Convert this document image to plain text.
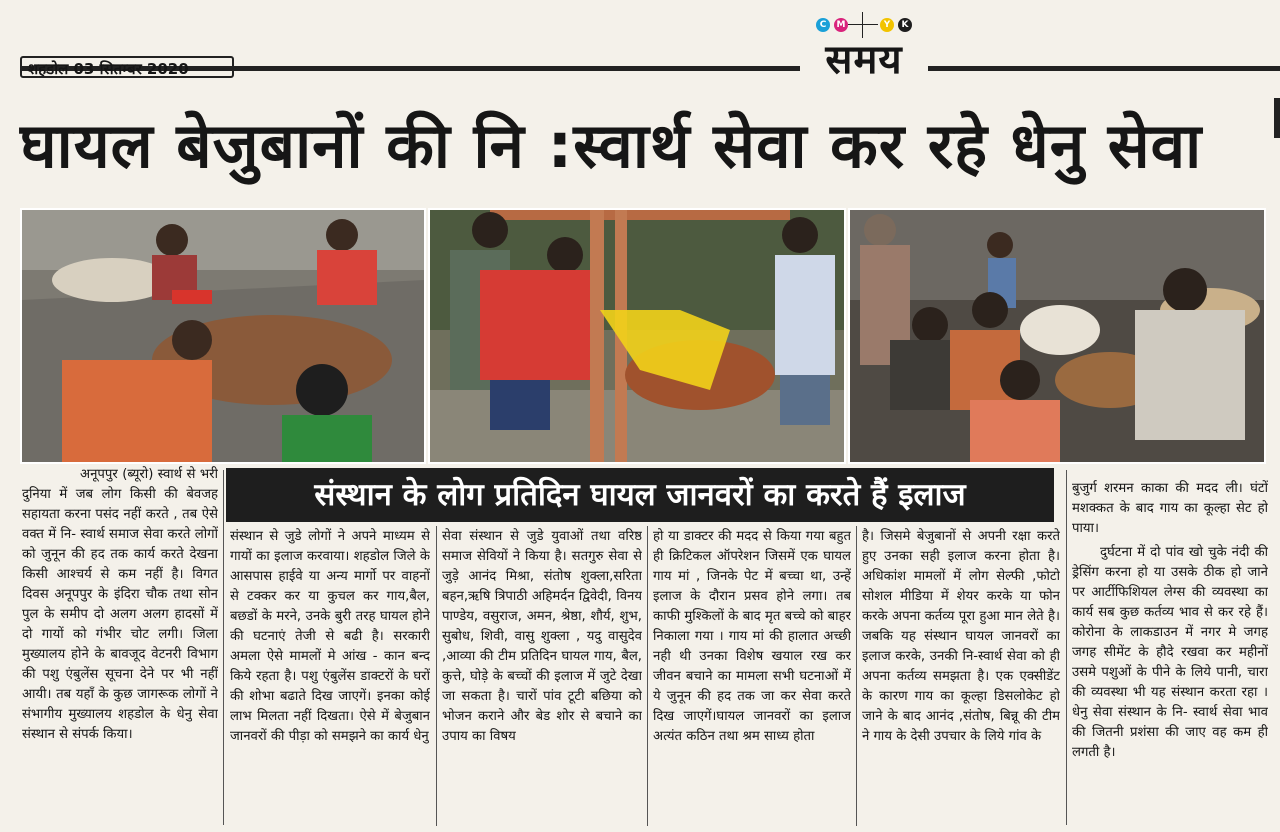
शहडोल 03 सितम्बर 2020
C	M	Y	K
समय
घायल बेजुबानों की नि :स्वार्थ सेवा कर रहे धेनु सेवा
संस्थान के लोग प्रतिदिन घायल जानवरों का करते हैं इलाज

अनूपपुर (ब्यूरो) स्वार्थ से भरी दुनिया में जब लोग किसी की बेवजह सहायता करना पसंद नहीं करते , तब ऐसे वक्त में नि- स्वार्थ समाज सेवा करते लोगों को जुनून की हद तक कार्य करते देखना किसी आश्चर्य से कम नहीं है। विगत दिवस अनूपपुर के इंदिरा चौक तथा सोन पुल के समीप दो अलग अलग हादसों में दो गायों को गंभीर चोट लगी। जिला मुख्यालय होने के बावजूद वेटनरी विभाग की पशु एंबुलेंस सूचना देने पर भी नहीं आयी। तब यहाँ के कुछ जागरूक लोगों ने संभागीय मुख्यालय शहडोल के धेनु सेवा संस्थान से संपर्क किया।

संस्थान से जुडे लोगों ने अपने माध्यम से गायों का इलाज करवाया। शहडोल जिले के आसपास हाईवे या अन्य मार्गो पर वाहनों से टक्कर कर या कुचल कर गाय,बैल, बछडों के मरने, उनके बुरी तरह घायल होने की घटनाएं तेजी से बढी है। सरकारी अमला ऐसे मामलों मे आंख - कान बन्द किये रहता है। पशु एंबुलेंस डाक्टरों के घरों की शोभा बढाते दिख जाएगें। इनका कोई लाभ मिलता नहीं दिखता। ऐसे में बेजुबान जानवरों की पीड़ा को समझने का कार्य धेनु

सेवा संस्थान से जुडे युवाओं तथा वरिष्ठ समाज सेवियों ने किया है। सतगुरु सेवा से जुड़े आनंद मिश्रा, संतोष शुक्ला,सरिता बहन,ऋषि त्रिपाठी अहिमर्दन द्विवेदी, विनय पाण्डेय, वसुराज, अमन, श्रेष्ठा, शौर्य, शुभ, सुबोध, शिवी, वासु शुक्ला , यदु वासुदेव ,आव्या की टीम प्रतिदिन घायल गाय, बैल, कुत्ते, घोड़े के बच्चों की इलाज में जुटे देखा जा सकता है। चारों पांव टूटी बछिया को भोजन कराने और बेड शोर से बचाने का उपाय का विषय

हो या डाक्टर की मदद से किया गया बहुत ही क्रिटिकल ऑपरेशन जिसमें एक घायल गाय मां , जिनके पेट में बच्चा था, उन्हें इलाज के दौरान प्रसव होने लगा। तब काफी मुश्किलों के बाद मृत बच्चे को बाहर निकाला गया । गाय मां की हालात अच्छी नही थी उनका विशेष खयाल रख कर जीवन बचाने का मामला सभी घटनाओं में ये जुनून की हद तक जा कर सेवा करते दिख जाएगें।घायल जानवरों का इलाज अत्यंत कठिन तथा श्रम साध्य होता

है। जिसमे बेजुबानों से अपनी रक्षा करते हुए उनका सही इलाज करना होता है। अधिकांश मामलों में लोग सेल्फी ,फोटो सोशल मीडिया में शेयर करके या फोन करके अपना कर्तव्य पूरा हुआ मान लेते है। जबकि यह संस्थान घायल जानवरों का इलाज करके, उनकी नि-स्वार्थ सेवा को ही अपना कर्तव्य समझता है। एक एक्सीडेंट के कारण गाय का कूल्हा डिसलोकेट हो जाने के बाद आनंद ,संतोष, बिन्नू की टीम ने गाय के देसी उपचार के लिये गांव के

बुजुर्ग शरमन काका की मदद ली। घंटों मशक्कत के बाद गाय का कूल्हा सेट हो पाया।

दुर्घटना में दो पांव खो चुके नंदी की ड्रेसिंग करना हो या उसके ठीक हो जाने पर आर्टीफिशियल लेग्स की व्यवस्था का कार्य सब कुछ कर्तव्य भाव से कर रहे हैं। कोरोना के लाकडाउन में नगर मे जगह जगह सीमेंट के हौदे रखवा कर महीनों उसमे पशुओं के पीने के लिये पानी, चारा की व्यवस्था भी यह संस्थान करता रहा । धेनु सेवा संस्थान के नि- स्वार्थ सेवा भाव की जितनी प्रशंसा की जाए वह कम ही लगती है।
